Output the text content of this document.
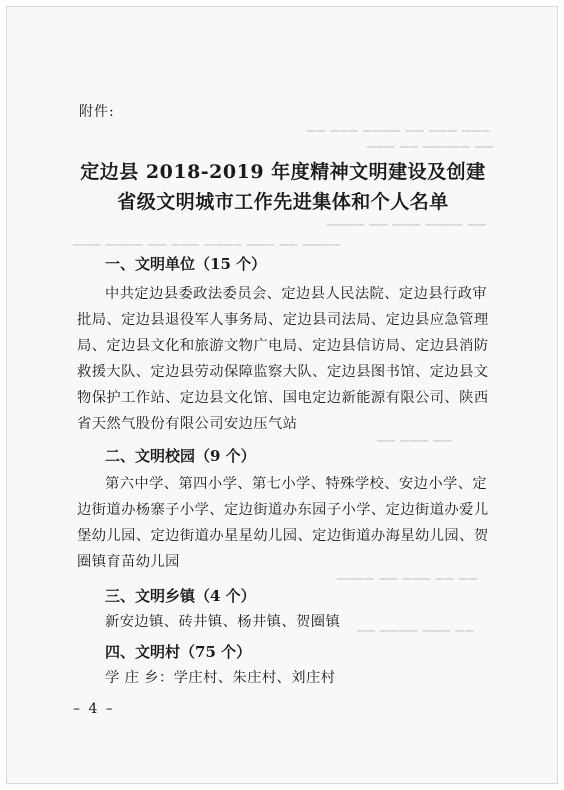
▁▁ ▁▁▁ ▁▁▁▁ ▁▁ ▁▁▁ ▁▁▁
▁▁▁ ▁▁ ▁▁▁▁▁ ▁▁
▁▁▁▁ ▁▁ ▁▁▁ ▁▁▁▁ ▁▁
▁▁▁ ▁▁▁▁ ▁▁ ▁▁▁ ▁▁▁▁ ▁▁▁ ▁▁ ▁▁▁▁
▁▁ ▁▁▁ ▁▁
▁▁▁▁ ▁▁ ▁▁▁ ▁▁ ▁▁
▁▁ ▁▁▁▁ ▁▁▁ ▁▁
附件:
定边县 2018-2019 年度精神文明建设及创建
省级文明城市工作先进集体和个人名单
一、文明单位（15 个）
中共定边县委政法委员会、定边县人民法院、定边县行政审
批局、定边县退役军人事务局、定边县司法局、定边县应急管理
局、定边县文化和旅游文物广电局、定边县信访局、定边县消防
救援大队、定边县劳动保障监察大队、定边县图书馆、定边县文
物保护工作站、定边县文化馆、国电定边新能源有限公司、陕西
省天然气股份有限公司安边压气站
二、文明校园（9 个）
第六中学、第四小学、第七小学、特殊学校、安边小学、定
边街道办杨寨子小学、定边街道办东园子小学、定边街道办爱儿
堡幼儿园、定边街道办星星幼儿园、定边街道办海星幼儿园、贺
圈镇育苗幼儿园
三、文明乡镇（4 个）
新安边镇、砖井镇、杨井镇、贺圈镇
四、文明村（75 个）
学 庄 乡：学庄村、朱庄村、刘庄村
– 4 –
